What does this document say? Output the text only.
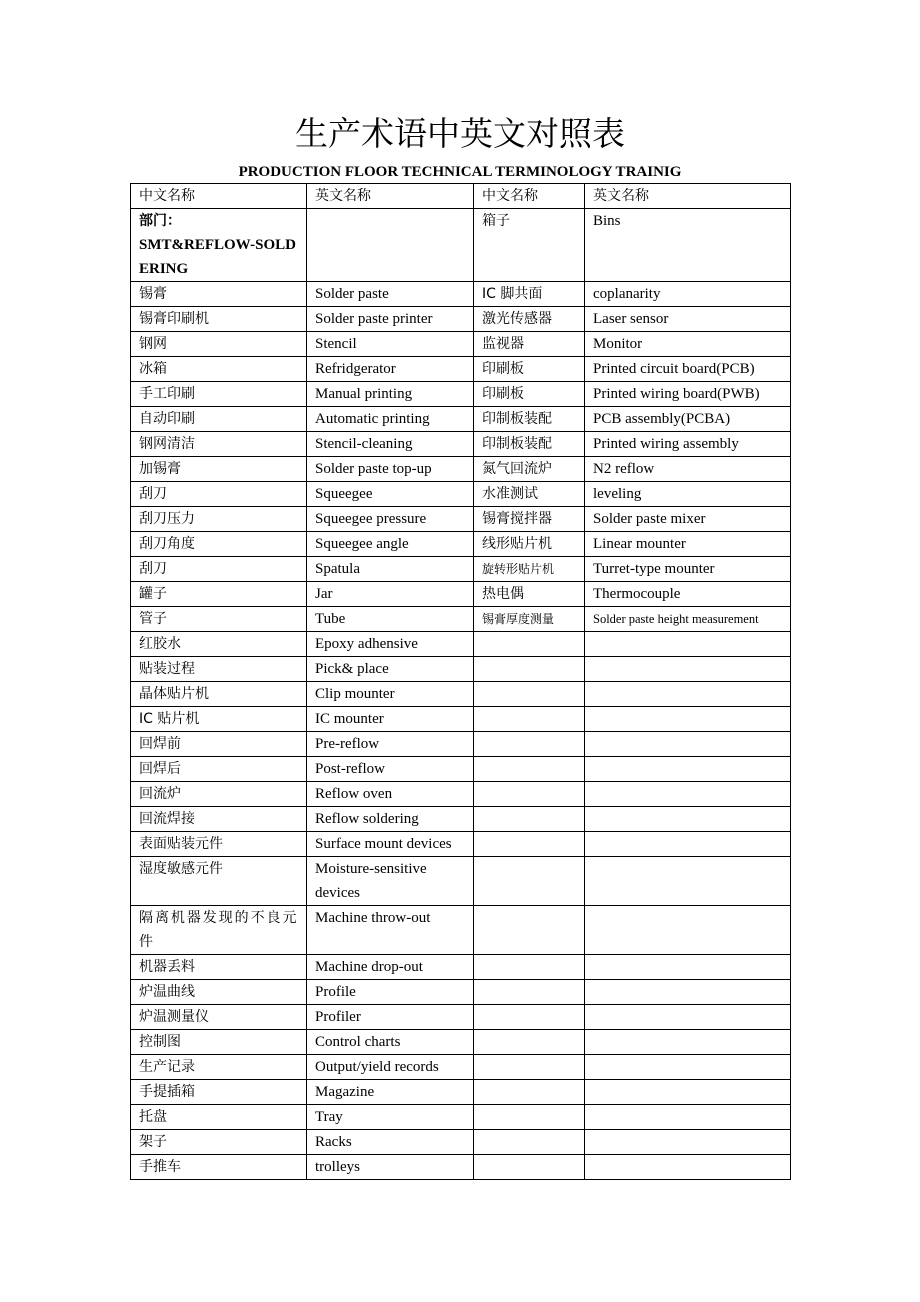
生产术语中英文对照表
PRODUCTION FLOOR TECHNICAL TERMINOLOGY TRAINIG
中文名称	英文名称	中文名称	英文名称

部门：
SMT&REFLOW-SOLDERING		箱子	Bins
锡膏	Solder paste	IC 脚共面	coplanarity
锡膏印刷机	Solder paste printer	激光传感器	Laser sensor
钢网	Stencil	监视器	Monitor
冰箱	Refridgerator	印刷板	Printed circuit board(PCB)
手工印刷	Manual printing	印刷板	Printed wiring board(PWB)
自动印刷	Automatic printing	印制板装配	PCB assembly(PCBA)
钢网清洁	Stencil-cleaning	印制板装配	Printed wiring assembly
加锡膏	Solder paste top-up	氮气回流炉	N2 reflow
刮刀	Squeegee	水准测试	leveling
刮刀压力	Squeegee pressure	锡膏搅拌器	Solder paste mixer
刮刀角度	Squeegee angle	线形贴片机	Linear mounter
刮刀	Spatula	旋转形贴片机	Turret-type mounter
罐子	Jar	热电偶	Thermocouple
管子	Tube	锡膏厚度测量	Solder paste height measurement
红胶水	Epoxy adhensive		
贴装过程	Pick& place		
晶体贴片机	Clip mounter		
IC 贴片机	IC mounter		
回焊前	Pre-reflow		
回焊后	Post-reflow		
回流炉	Reflow oven		
回流焊接	Reflow soldering		
表面贴装元件	Surface mount devices		
湿度敏感元件	Moisture-sensitive devices		
隔离机器发现的不良元件	Machine throw-out		
机器丢料	Machine drop-out		
炉温曲线	Profile		
炉温测量仪	Profiler		
控制图	Control charts		
生产记录	Output/yield records		
手提插箱	Magazine		
托盘	Tray		
架子	Racks		
手推车	trolleys		
